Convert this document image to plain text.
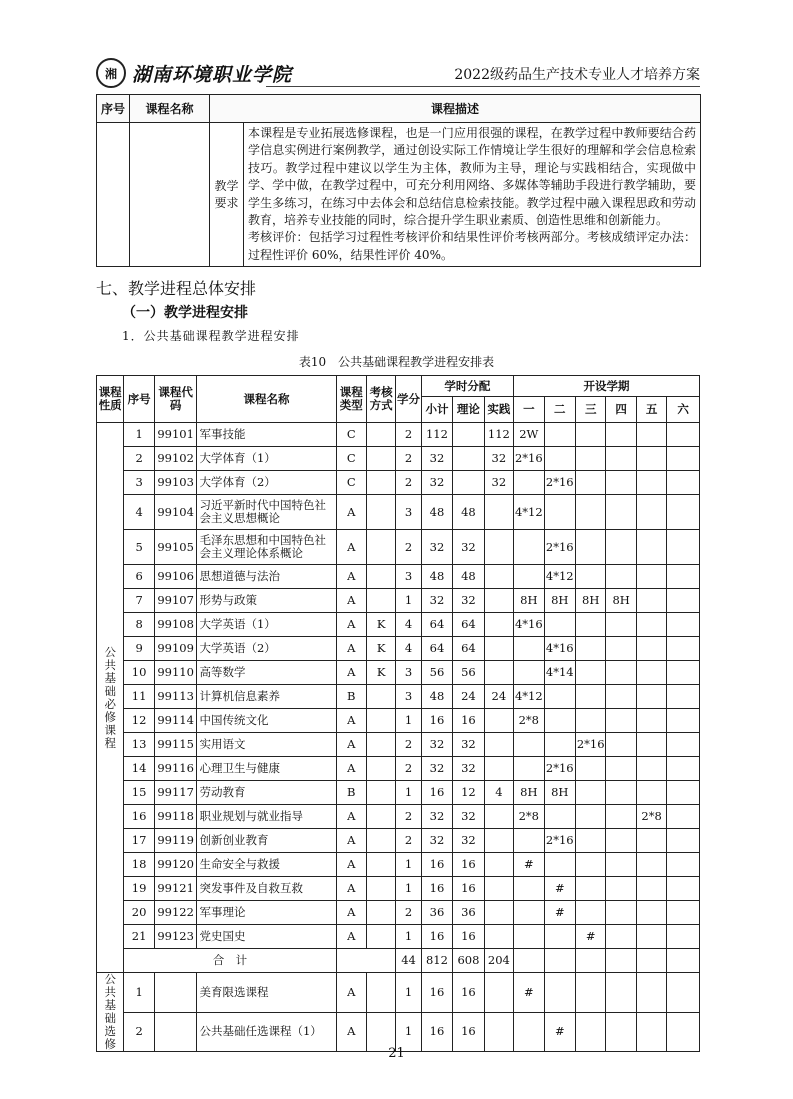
湘 湖南环境职业学院	2022级药品生产技术专业人才培养方案
序号	课程名称	课程描述	
		教学要求	本课程是专业拓展选修课程，也是一门应用很强的课程，在教学过程中教师要结合药学信息实例进行案例教学，通过创设实际工作情境让学生很好的理解和学会信息检索技巧。教学过程中建议以学生为主体，教师为主导，理论与实践相结合，实现做中学、学中做，在教学过程中，可充分利用网络、多媒体等辅助手段进行教学辅助，要学生多练习，在练习中去体会和总结信息检索技能。教学过程中融入课程思政和劳动教育，培养专业技能的同时，综合提升学生职业素质、创造性思维和创新能力。
考核评价：包括学习过程性考核评价和结果性评价考核两部分。考核成绩评定办法：过程性评价 60%，结果性评价 40%。
七、教学进程总体安排
（一）教学进程安排
1．公共基础课程教学进程安排
表10　公共基础课程教学进程安排表
课程性质	序号	课程代码	课程名称	课程类型	考核方式	学分	学时分配			开设学期					
							小计	理论	实践	一	二	三	四	五	六
公共基础必修课程	1	99101	军事技能	C		2	112		112	2W					
	2	99102	大学体育（1）	C		2	32		32	2*16					
	3	99103	大学体育（2）	C		2	32		32		2*16				
	4	99104	习近平新时代中国特色社会主义思想概论	A		3	48	48		4*12					
	5	99105	毛泽东思想和中国特色社会主义理论体系概论	A		2	32	32			2*16				
	6	99106	思想道德与法治	A		3	48	48			4*12				
	7	99107	形势与政策	A		1	32	32		8H	8H	8H	8H		
	8	99108	大学英语（1）	A	K	4	64	64		4*16					
	9	99109	大学英语（2）	A	K	4	64	64			4*16				
	10	99110	高等数学	A	K	3	56	56			4*14				
	11	99113	计算机信息素养	B		3	48	24	24	4*12					
	12	99114	中国传统文化	A		1	16	16		2*8					
	13	99115	实用语文	A		2	32	32				2*16			
	14	99116	心理卫生与健康	A		2	32	32			2*16				
	15	99117	劳动教育	B		1	16	12	4	8H	8H				
	16	99118	职业规划与就业指导	A		2	32	32		2*8				2*8	
	17	99119	创新创业教育	A		2	32	32			2*16				
	18	99120	生命安全与救援	A		1	16	16		#					
	19	99121	突发事件及自救互救	A		1	16	16			#				
	20	99122	军事理论	A		2	36	36			#				
	21	99123	党史国史	A		1	16	16				#			
	合　计					44	812	608	204						
公共基础选修	1		美育限选课程	A		1	16	16		#					
	2		公共基础任选课程（1）	A		1	16	16			#				
21
